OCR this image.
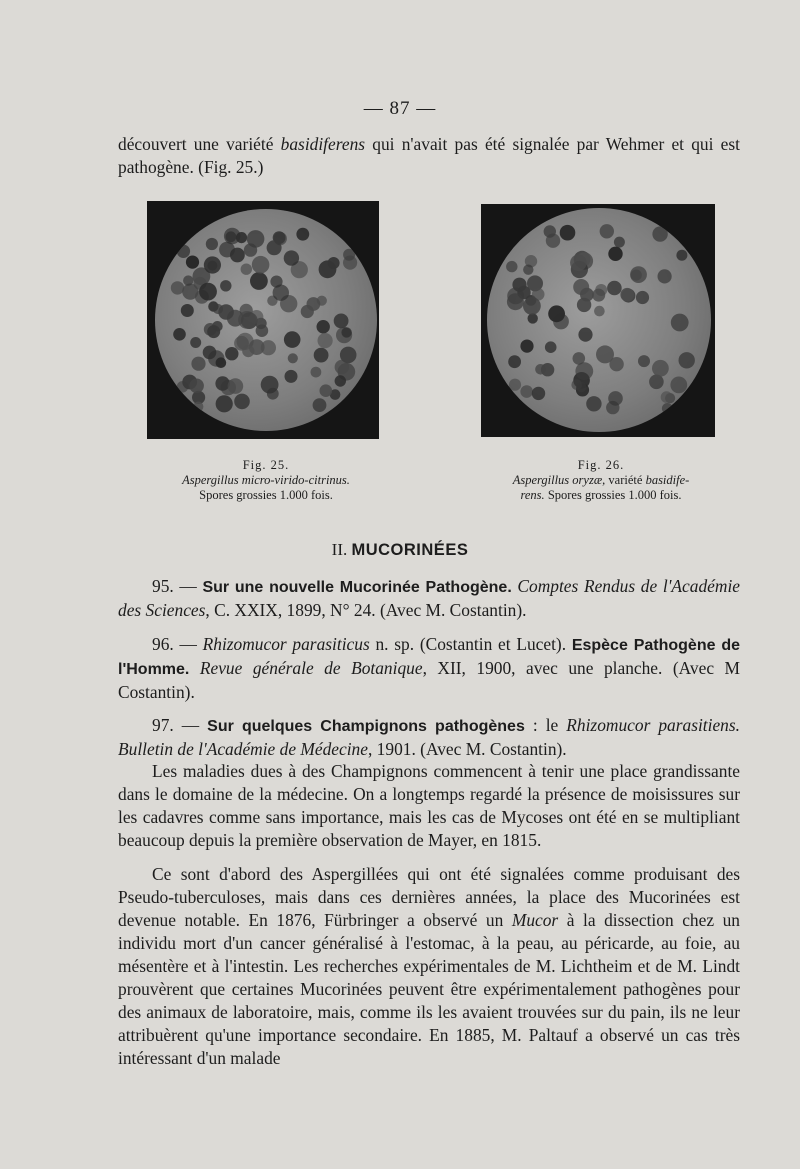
— 87 —
découvert une variété basidiferens qui n'avait pas été signalée par Wehmer et qui est pathogène. (Fig. 25.)
Fig. 25.
Aspergillus micro-virido-citrinus.
Spores grossies 1.000 fois.
Fig. 26.
Aspergillus oryzæ, variété basidife-
rens. Spores grossies 1.000 fois.
II. MUCORINÉES
95. — Sur une nouvelle Mucorinée Pathogène. Comptes Rendus de l'Académie des Sciences, C. XXIX, 1899, N° 24. (Avec M. Costantin).
96. — Rhizomucor parasiticus n. sp. (Costantin et Lucet). Espèce Pathogène de l'Homme. Revue générale de Botanique, XII, 1900, avec une planche. (Avec M Costantin).
97. — Sur quelques Champignons pathogènes : le Rhizomucor parasitiens. Bulletin de l'Académie de Médecine, 1901. (Avec M. Costantin).
Les maladies dues à des Champignons commencent à tenir une place grandissante dans le domaine de la médecine. On a longtemps regardé la présence de moisissures sur les cadavres comme sans importance, mais les cas de Mycoses ont été en se multipliant beaucoup depuis la première observation de Mayer, en 1815.
Ce sont d'abord des Aspergillées qui ont été signalées comme produisant des Pseudo-tuberculoses, mais dans ces dernières années, la place des Mucorinées est devenue notable. En 1876, Fürbringer a observé un Mucor à la dissection chez un individu mort d'un cancer généralisé à l'estomac, à la peau, au péricarde, au foie, au mésentère et à l'intestin. Les recherches expérimentales de M. Lichtheim et de M. Lindt prouvèrent que certaines Mucorinées peuvent être expérimentalement pathogènes pour des animaux de laboratoire, mais, comme ils les avaient trouvées sur du pain, ils ne leur attribuèrent qu'une importance secondaire. En 1885, M. Paltauf a observé un cas très intéressant d'un malade
